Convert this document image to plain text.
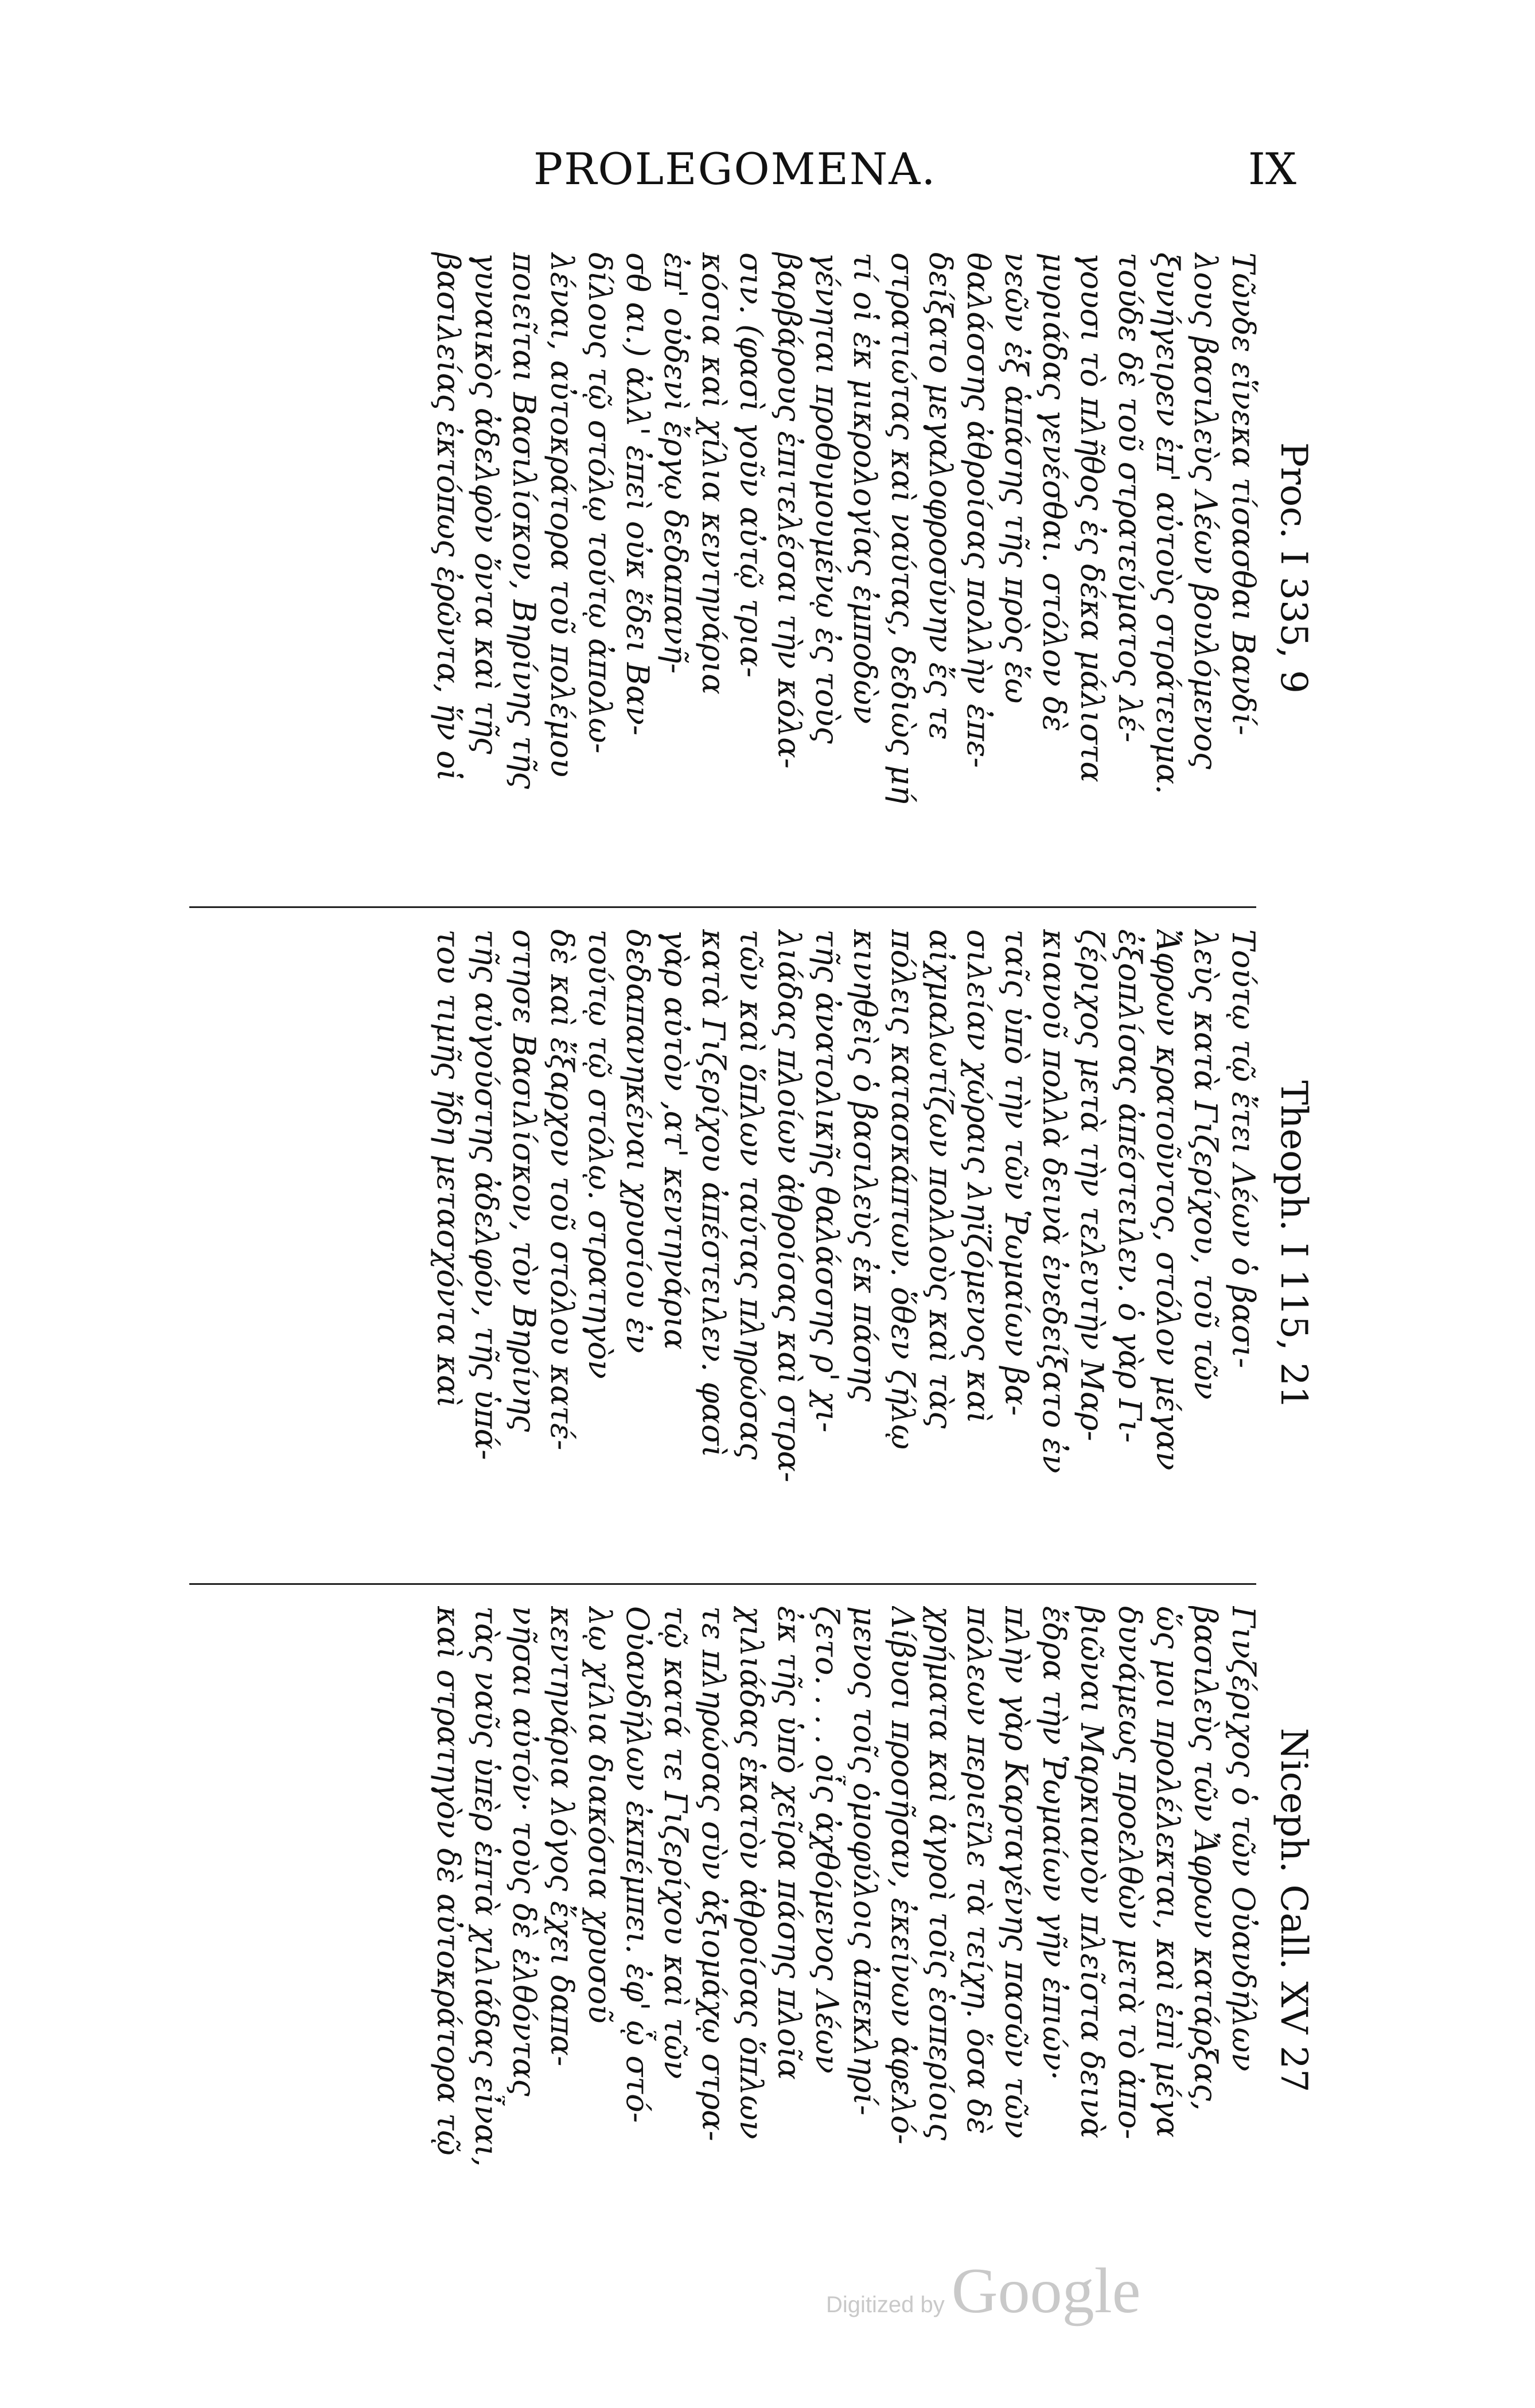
PROLEGOMENA.	IX
Proc. I 335, 9
Τῶνδε εἵνεκα τίσασθαι Βανδί-
λους βασιλεὺς Λέων βουλόμενος
ξυνήγειρεν ἐπ' αὐτοὺς στράτευμα.
τούδε δὲ τοῦ στρατεύματος λέ-
γουσι τὸ πλῆθος ἐς δέκα μάλιστα
μυριάδας γενέσθαι. στόλον δὲ
νεῶν ἐξ ἁπάσης τῆς πρὸς ἕω
θαλάσσης ἀθροίσας πολλὴν ἐπε-
δείξατο μεγαλοφροσύνην ἔς τε
στρατιώτας καὶ ναύτας, δεδιὼς μή
τί οἱ ἐκ μικρολογίας ἐμποδὼν
γένηται προθυμουμένῳ ἐς τοὺς
βαρβάρους ἐπιτελέσαι τὴν κόλα-
σιν. (φασὶ γοῦν αὐτῷ τρια-
κόσια καὶ χίλια κεντηνάρια
ἐπ' οὐδενὶ ἔργῳ δεδαπανῆ-
σθ αι.) ἀλλ' ἐπεὶ οὐκ ἔδει Βαν-
δίλους τῷ στόλῳ τούτῳ ἀπολω-
λέναι, αὐτοκράτορα τοῦ πολέμου
ποιεῖται Βασιλίσκον, Βηρίνης τῆς
γυναικὸς ἀδελφὸν ὄντα καὶ τῆς
βασιλείας ἐκτόπως ἐρῶντα, ἥν οἱ
Theoph. I 115, 21
Τούτῳ τῷ ἔτει Λέων ὁ βασι-
λεὺς κατὰ Γιζερίχου, τοῦ τῶν
Ἄφρων κρατοῦντος, στόλον μέγαν
ἐξοπλίσας ἀπέστειλεν. ὁ γὰρ Γι-
ζέριχος μετὰ τὴν τελευτὴν Μαρ-
κιανοῦ πολλὰ δεινὰ ἐνεδείξατο ἐν
ταῖς ὑπὸ τὴν τῶν Ῥωμαίων βα-
σιλείαν χώραις ληϊζόμενος καὶ
αἰχμαλωτίζων πολλοὺς καὶ τὰς
πόλεις κατασκάπτων. ὅθεν ζήλῳ
κινηθεὶς ὁ βασιλεὺς ἐκ πάσης
τῆς ἀνατολικῆς θαλάσσης ρ' χι-
λιάδας πλοίων ἀθροίσας καὶ στρα-
τῶν καὶ ὅπλων ταύτας πληρώσας
κατὰ Γιζερίχου ἀπέστειλεν. φασὶ
γὰρ αὐτὸν ,ατ' κεντηνάρια
δεδαπανηκέναι χρυσίου ἐν
τούτῳ τῷ στόλῳ. στρατηγὸν
δὲ καὶ ἔξαρχον τοῦ στόλου κατέ-
στησε Βασιλίσκον, τὸν Βηρίνης
τῆς αὐγούστης ἀδελφόν, τῆς ὑπά-
του τιμῆς ἤδη μετασχόντα καὶ
Niceph. Call. XV 27
Γινζέριχος ὁ τῶν Οὐανδήλων
βασιλεὺς τῶν Ἄφρων κατάρξας,
ὥς μοι προλέλεκται, καὶ ἐπὶ μέγα
δυνάμεως προελθὼν μετὰ τὸ ἀπο-
βιῶναι Μαρκιανὸν πλεῖστα δεινὰ
ἔδρα τὴν Ῥωμαίων γῆν ἐπιών·
πλὴν γὰρ Καρταγένης πασῶν τῶν
πόλεων περιεῖλε τὰ τείχη. ὅσα δὲ
χρήματα καὶ ἀγροὶ τοῖς ἑσπερίοις
Λίβυσι προσῆσαν, ἐκείνων ἀφελό-
μενος τοῖς ὁμοφύλοις ἀπεκληρί-
ζετο. . . . οἷς ἀχθόμενος Λέων
ἐκ τῆς ὑπὸ χεῖρα πάσης πλοῖα
χιλιάδας ἑκατὸν ἀθροίσας ὅπλων
τε πληρώσας σὺν ἀξιομάχῳ στρα-
τῷ κατά τε Γιζερίχου καὶ τῶν
Οὐανδήλων ἐκπέμπει. ἐφ' ᾧ στό-
λῳ χίλια διακόσια χρυσοῦ
κεντηνάρια λόγος ἔχει δαπα-
νῆσαι αὐτόν· τοὺς δὲ ἐλθόντας
τὰς ναῦς ὑπὲρ ἑπτὰ χιλιάδας εἶναι,
καὶ στρατηγὸν δὲ αὐτοκράτορα τῷ
Digitized by Google
